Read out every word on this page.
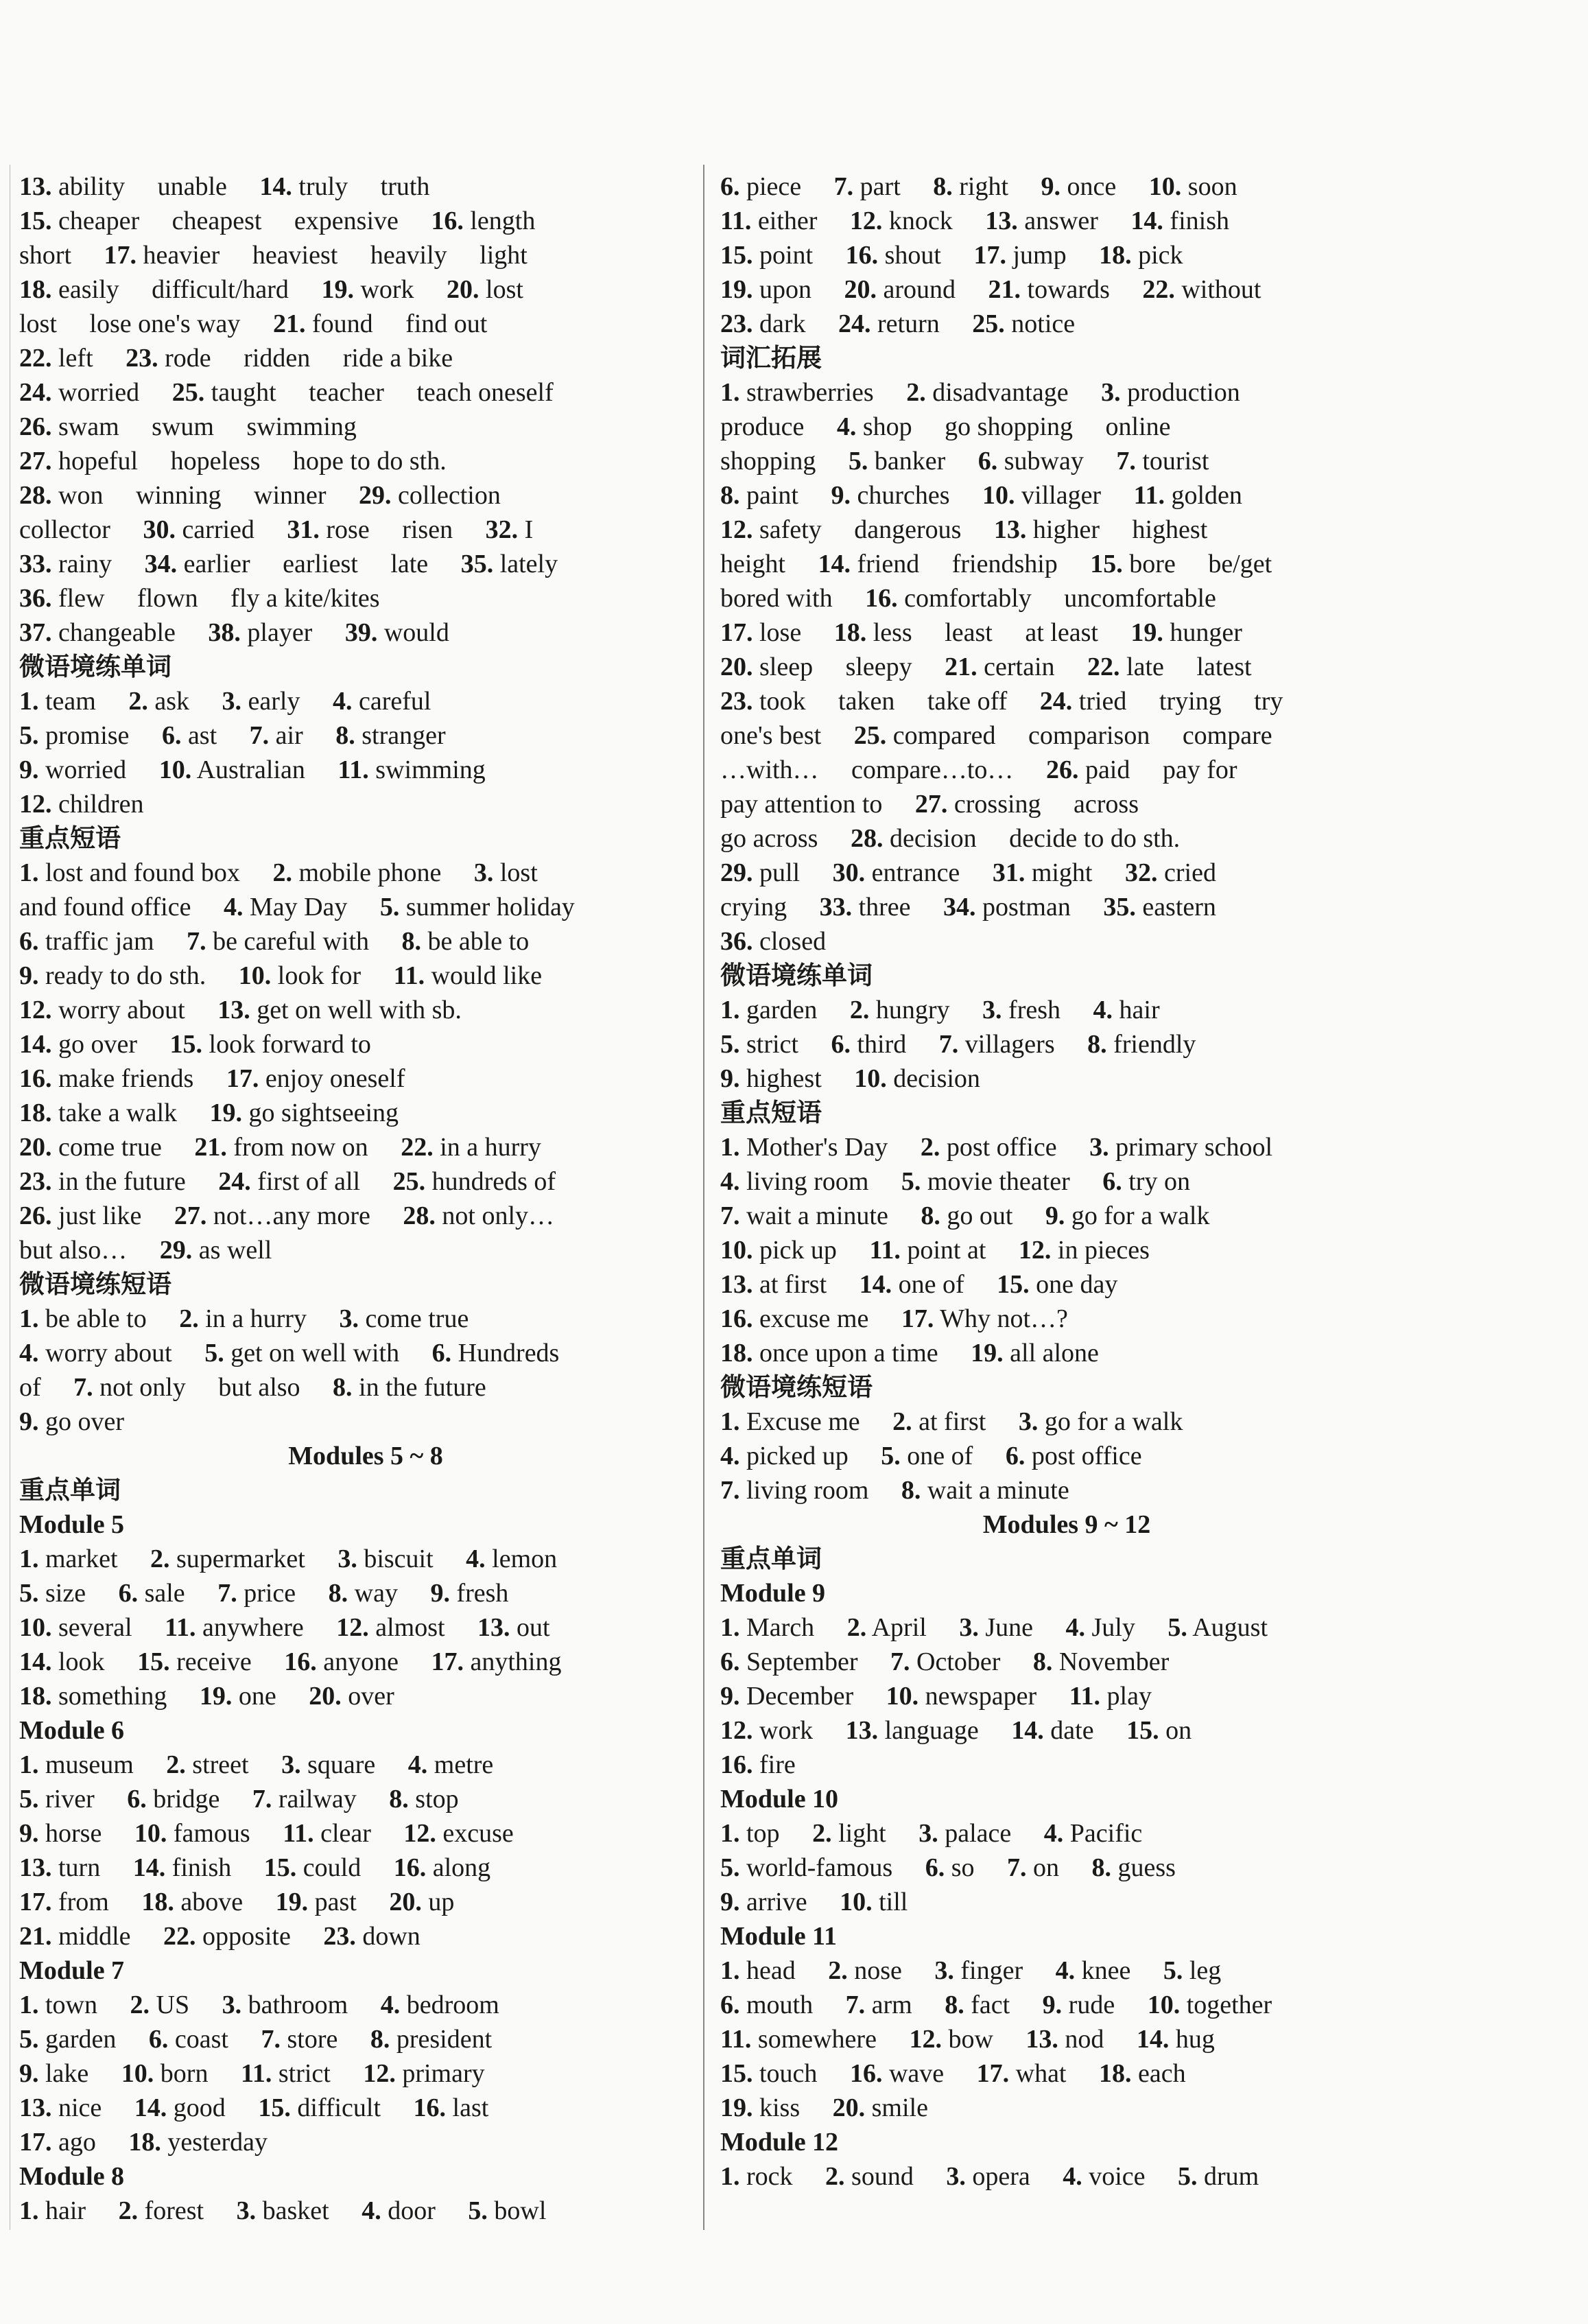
13. ability　 unable　 14. truly　 truth
15. cheaper　 cheapest　 expensive　 16. length
short　 17. heavier　 heaviest　 heavily　 light
18. easily　 difficult/hard　 19. work　 20. lost
lost　 lose one's way　 21. found　 find out
22. left　 23. rode　 ridden　 ride a bike
24. worried　 25. taught　 teacher　 teach oneself
26. swam　 swum　 swimming
27. hopeful　 hopeless　 hope to do sth.
28. won　 winning　 winner　 29. collection
collector　 30. carried　 31. rose　 risen　 32. I
33. rainy　 34. earlier　 earliest　 late　 35. lately
36. flew　 flown　 fly a kite/kites
37. changeable　 38. player　 39. would
微语境练单词
1. team　 2. ask　 3. early　 4. careful
5. promise　 6. ast　 7. air　 8. stranger
9. worried　 10. Australian　 11. swimming
12. children
重点短语
1. lost and found box　 2. mobile phone　 3. lost
and found office　 4. May Day　 5. summer holiday
6. traffic jam　 7. be careful with　 8. be able to
9. ready to do sth.　 10. look for　 11. would like
12. worry about　 13. get on well with sb.
14. go over　 15. look forward to
16. make friends　 17. enjoy oneself
18. take a walk　 19. go sightseeing
20. come true　 21. from now on　 22. in a hurry
23. in the future　 24. first of all　 25. hundreds of
26. just like　 27. not…any more　 28. not only…
but also…　 29. as well
微语境练短语
1. be able to　 2. in a hurry　 3. come true
4. worry about　 5. get on well with　 6. Hundreds
of　 7. not only　 but also　 8. in the future
9. go over
Modules 5 ~ 8
重点单词
Module 5
1. market　 2. supermarket　 3. biscuit　 4. lemon
5. size　 6. sale　 7. price　 8. way　 9. fresh
10. several　 11. anywhere　 12. almost　 13. out
14. look　 15. receive　 16. anyone　 17. anything
18. something　 19. one　 20. over
Module 6
1. museum　 2. street　 3. square　 4. metre
5. river　 6. bridge　 7. railway　 8. stop
9. horse　 10. famous　 11. clear　 12. excuse
13. turn　 14. finish　 15. could　 16. along
17. from　 18. above　 19. past　 20. up
21. middle　 22. opposite　 23. down
Module 7
1. town　 2. US　 3. bathroom　 4. bedroom
5. garden　 6. coast　 7. store　 8. president
9. lake　 10. born　 11. strict　 12. primary
13. nice　 14. good　 15. difficult　 16. last
17. ago　 18. yesterday
Module 8
1. hair　 2. forest　 3. basket　 4. door　 5. bowl
6. piece　 7. part　 8. right　 9. once　 10. soon
11. either　 12. knock　 13. answer　 14. finish
15. point　 16. shout　 17. jump　 18. pick
19. upon　 20. around　 21. towards　 22. without
23. dark　 24. return　 25. notice
词汇拓展
1. strawberries　 2. disadvantage　 3. production
produce　 4. shop　 go shopping　 online
shopping　 5. banker　 6. subway　 7. tourist
8. paint　 9. churches　 10. villager　 11. golden
12. safety　 dangerous　 13. higher　 highest
height　 14. friend　 friendship　 15. bore　 be/get
bored with　 16. comfortably　 uncomfortable
17. lose　 18. less　 least　 at least　 19. hunger
20. sleep　 sleepy　 21. certain　 22. late　 latest
23. took　 taken　 take off　 24. tried　 trying　 try
one's best　 25. compared　 comparison　 compare
…with…　 compare…to…　 26. paid　 pay for
pay attention to　 27. crossing　 across
go across　 28. decision　 decide to do sth.
29. pull　 30. entrance　 31. might　 32. cried
crying　 33. three　 34. postman　 35. eastern
36. closed
微语境练单词
1. garden　 2. hungry　 3. fresh　 4. hair
5. strict　 6. third　 7. villagers　 8. friendly
9. highest　 10. decision
重点短语
1. Mother's Day　 2. post office　 3. primary school
4. living room　 5. movie theater　 6. try on
7. wait a minute　 8. go out　 9. go for a walk
10. pick up　 11. point at　 12. in pieces
13. at first　 14. one of　 15. one day
16. excuse me　 17. Why not…?
18. once upon a time　 19. all alone
微语境练短语
1. Excuse me　 2. at first　 3. go for a walk
4. picked up　 5. one of　 6. post office
7. living room　 8. wait a minute
Modules 9 ~ 12
重点单词
Module 9
1. March　 2. April　 3. June　 4. July　 5. August
6. September　 7. October　 8. November
9. December　 10. newspaper　 11. play
12. work　 13. language　 14. date　 15. on
16. fire
Module 10
1. top　 2. light　 3. palace　 4. Pacific
5. world-famous　 6. so　 7. on　 8. guess
9. arrive　 10. till
Module 11
1. head　 2. nose　 3. finger　 4. knee　 5. leg
6. mouth　 7. arm　 8. fact　 9. rude　 10. together
11. somewhere　 12. bow　 13. nod　 14. hug
15. touch　 16. wave　 17. what　 18. each
19. kiss　 20. smile
Module 12
1. rock　 2. sound　 3. opera　 4. voice　 5. drum
